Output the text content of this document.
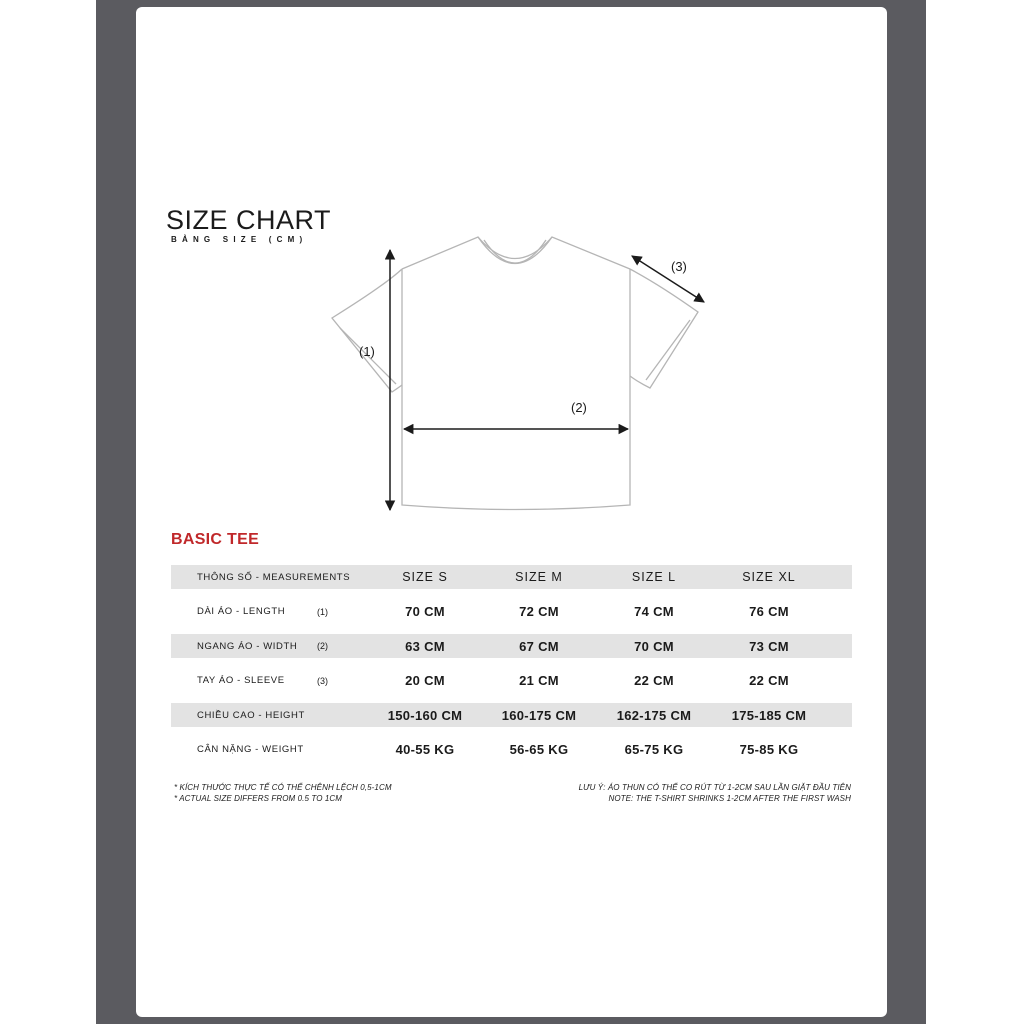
SIZE CHART
BẢNG SIZE (CM)
(1)
(2)
(3)
BASIC TEE
THÔNG SỐ - MEASUREMENTS	SIZE S	SIZE M	SIZE L	SIZE XL
DÀI ÁO - LENGTH	(1)	70 CM	72 CM	74 CM	76 CM
NGANG ÁO - WIDTH (2)	63 CM	67 CM	70 CM	73 CM
TAY ÁO - SLEEVE	(3)	20 CM	21 CM	22 CM	22 CM
CHIỀU CAO - HEIGHT	150-160 CM	160-175 CM	162-175 CM	175-185 CM
CÂN NẶNG - WEIGHT	40-55 KG	56-65 KG	65-75 KG	75-85 KG
* KÍCH THƯỚC THỰC TẾ CÓ THỂ CHÊNH LỆCH 0,5-1CM
* ACTUAL SIZE DIFFERS FROM 0.5 TO 1CM
LƯU Ý: ÁO THUN CÓ THỂ CO RÚT TỪ 1-2CM SAU LẦN GIẶT ĐẦU TIÊN
NOTE: THE T-SHIRT SHRINKS 1-2CM AFTER THE FIRST WASH
